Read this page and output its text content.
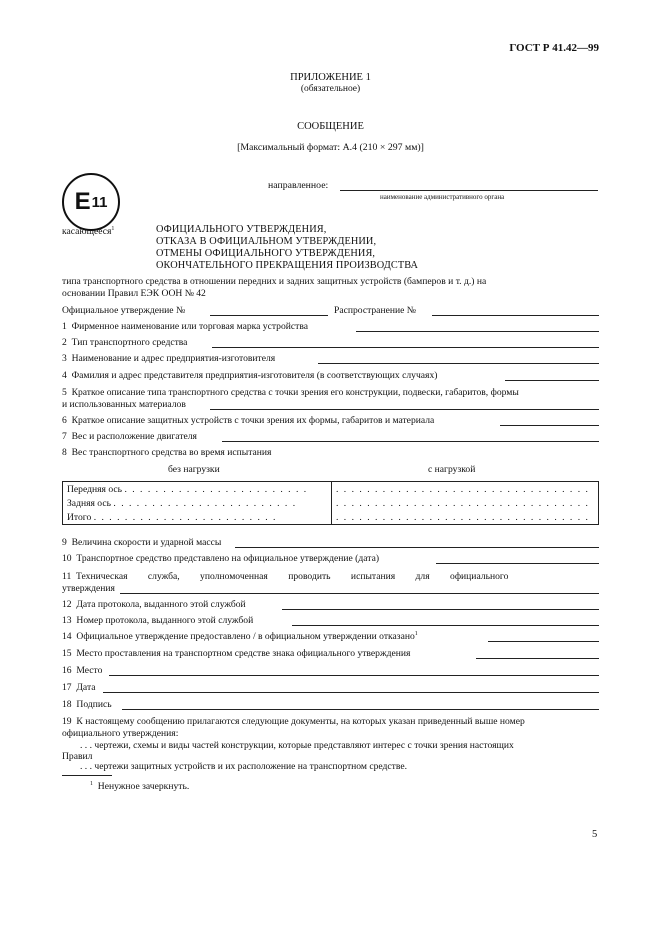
ГОСТ Р 41.42—99
ПРИЛОЖЕНИЕ 1
(обязательное)
СООБЩЕНИЕ
[Максимальный формат: А.4 (210 × 297 мм)]
E 11
направленное:
наименование административного органа
касающееся$^1$	ОФИЦИАЛЬНОГО УТВЕРЖДЕНИЯ,
ОТКАЗА В ОФИЦИАЛЬНОМ УТВЕРЖДЕНИИ,
ОТМЕНЫ ОФИЦИАЛЬНОГО УТВЕРЖДЕНИЯ,
ОКОНЧАТЕЛЬНОГО ПРЕКРАЩЕНИЯ ПРОИЗВОДСТВА
типа транспортного средства в отношении передних и задних защитных устройств (бамперов и т. д.) на
основании Правил ЕЭК ООН № 42
Официальное утверждение №	Распространение №
1 Фирменное наименование или торговая марка устройства
2 Тип транспортного средства
3 Наименование и адрес предприятия-изготовителя
4 Фамилия и адрес представителя предприятия-изготовителя (в соответствующих случаях)
5 Краткое описание типа транспортного средства с точки зрения его конструкции, подвески, габаритов, формы
и использованных материалов
6 Краткое описание защитных устройств с точки зрения их формы, габаритов и материала
7 Вес и расположение двигателя
8 Вес транспортного средства во время испытания
без нагрузки	с нагрузкой
Передняя ось . . . . . . . . . . . . . . . . . . . . . . . .	. . . . . . . . . . . . . . . . . . . . . . . . . . . . . . . . .
Задняя ось . . . . . . . . . . . . . . . . . . . . . . . .	. . . . . . . . . . . . . . . . . . . . . . . . . . . . . . . . .
Итого . . . . . . . . . . . . . . . . . . . . . . . .	. . . . . . . . . . . . . . . . . . . . . . . . . . . . . . . . .
9 Величина скорости и ударной массы
10 Транспортное средство представлено на официальное утверждение (дата)
11 Техническая служба, уполномоченная проводить испытания для официального
утверждения
12 Дата протокола, выданного этой службой
13 Номер протокола, выданного этой службой
14 Официальное утверждение предоставлено / в официальном утверждении отказано$^1$
15 Место проставления на транспортном средстве знака официального утверждения
16 Место
17 Дата
18 Подпись
19 К настоящему сообщению прилагаются следующие документы, на которых указан приведенный выше номер
официального утверждения:
. . . чертежи, схемы и виды частей конструкции, которые представляют интерес с точки зрения настоящих
Правил
. . . чертежи защитных устройств и их расположение на транспортном средстве.
$^1$ Ненужное зачеркнуть.
5
